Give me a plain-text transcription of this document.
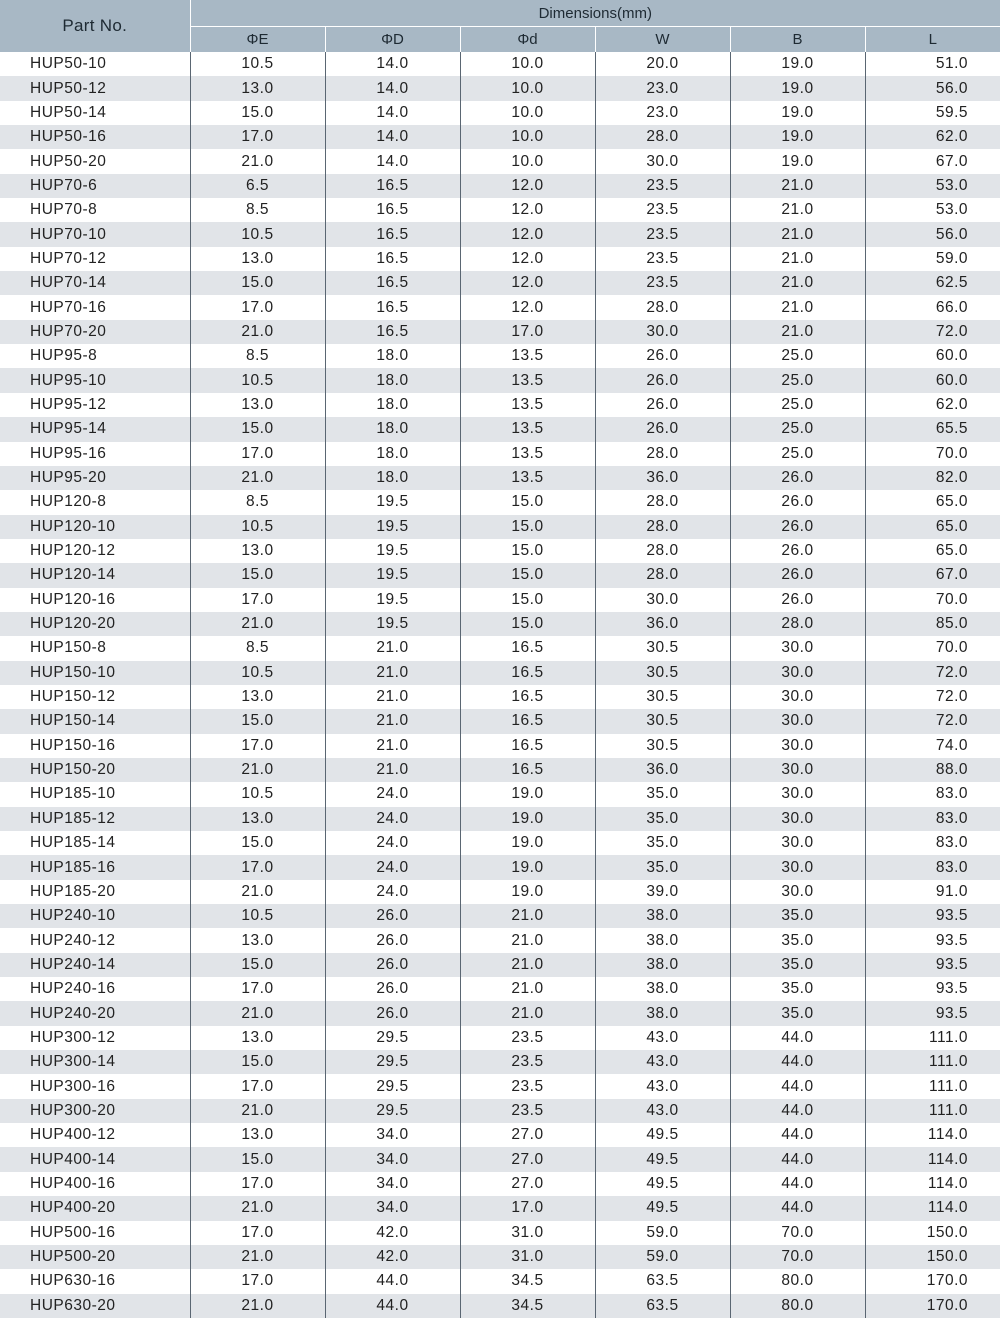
Part No.	Dimensions(mm)					
	ΦE	ΦD	Φd	W	B	L
HUP50-10	10.5	14.0	10.0	20.0	19.0	51.0
HUP50-12	13.0	14.0	10.0	23.0	19.0	56.0
HUP50-14	15.0	14.0	10.0	23.0	19.0	59.5
HUP50-16	17.0	14.0	10.0	28.0	19.0	62.0
HUP50-20	21.0	14.0	10.0	30.0	19.0	67.0
HUP70-6	6.5	16.5	12.0	23.5	21.0	53.0
HUP70-8	8.5	16.5	12.0	23.5	21.0	53.0
HUP70-10	10.5	16.5	12.0	23.5	21.0	56.0
HUP70-12	13.0	16.5	12.0	23.5	21.0	59.0
HUP70-14	15.0	16.5	12.0	23.5	21.0	62.5
HUP70-16	17.0	16.5	12.0	28.0	21.0	66.0
HUP70-20	21.0	16.5	17.0	30.0	21.0	72.0
HUP95-8	8.5	18.0	13.5	26.0	25.0	60.0
HUP95-10	10.5	18.0	13.5	26.0	25.0	60.0
HUP95-12	13.0	18.0	13.5	26.0	25.0	62.0
HUP95-14	15.0	18.0	13.5	26.0	25.0	65.5
HUP95-16	17.0	18.0	13.5	28.0	25.0	70.0
HUP95-20	21.0	18.0	13.5	36.0	26.0	82.0
HUP120-8	8.5	19.5	15.0	28.0	26.0	65.0
HUP120-10	10.5	19.5	15.0	28.0	26.0	65.0
HUP120-12	13.0	19.5	15.0	28.0	26.0	65.0
HUP120-14	15.0	19.5	15.0	28.0	26.0	67.0
HUP120-16	17.0	19.5	15.0	30.0	26.0	70.0
HUP120-20	21.0	19.5	15.0	36.0	28.0	85.0
HUP150-8	8.5	21.0	16.5	30.5	30.0	70.0
HUP150-10	10.5	21.0	16.5	30.5	30.0	72.0
HUP150-12	13.0	21.0	16.5	30.5	30.0	72.0
HUP150-14	15.0	21.0	16.5	30.5	30.0	72.0
HUP150-16	17.0	21.0	16.5	30.5	30.0	74.0
HUP150-20	21.0	21.0	16.5	36.0	30.0	88.0
HUP185-10	10.5	24.0	19.0	35.0	30.0	83.0
HUP185-12	13.0	24.0	19.0	35.0	30.0	83.0
HUP185-14	15.0	24.0	19.0	35.0	30.0	83.0
HUP185-16	17.0	24.0	19.0	35.0	30.0	83.0
HUP185-20	21.0	24.0	19.0	39.0	30.0	91.0
HUP240-10	10.5	26.0	21.0	38.0	35.0	93.5
HUP240-12	13.0	26.0	21.0	38.0	35.0	93.5
HUP240-14	15.0	26.0	21.0	38.0	35.0	93.5
HUP240-16	17.0	26.0	21.0	38.0	35.0	93.5
HUP240-20	21.0	26.0	21.0	38.0	35.0	93.5
HUP300-12	13.0	29.5	23.5	43.0	44.0	111.0
HUP300-14	15.0	29.5	23.5	43.0	44.0	111.0
HUP300-16	17.0	29.5	23.5	43.0	44.0	111.0
HUP300-20	21.0	29.5	23.5	43.0	44.0	111.0
HUP400-12	13.0	34.0	27.0	49.5	44.0	114.0
HUP400-14	15.0	34.0	27.0	49.5	44.0	114.0
HUP400-16	17.0	34.0	27.0	49.5	44.0	114.0
HUP400-20	21.0	34.0	17.0	49.5	44.0	114.0
HUP500-16	17.0	42.0	31.0	59.0	70.0	150.0
HUP500-20	21.0	42.0	31.0	59.0	70.0	150.0
HUP630-16	17.0	44.0	34.5	63.5	80.0	170.0
HUP630-20	21.0	44.0	34.5	63.5	80.0	170.0
